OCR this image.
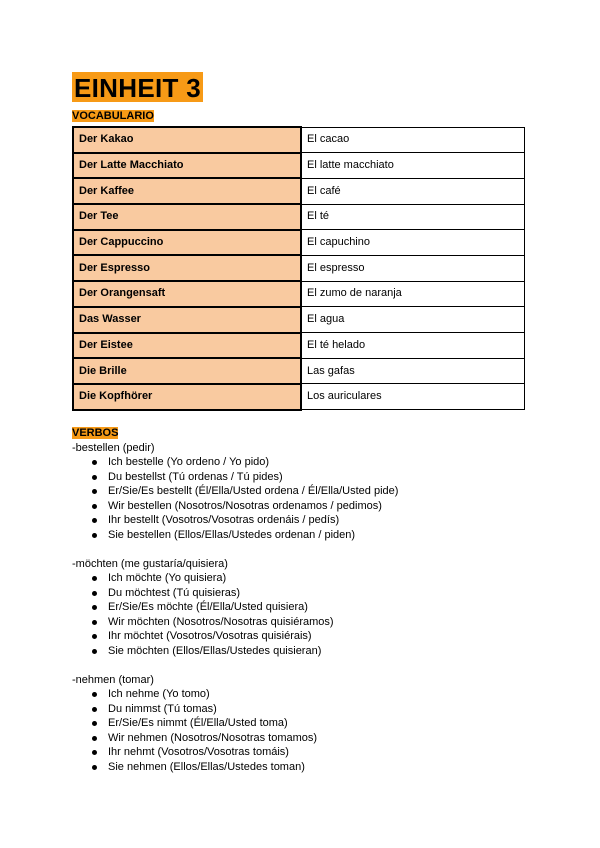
EINHEIT 3
VOCABULARIO
Der Kakao	El cacao
Der Latte Macchiato	El latte macchiato
Der Kaffee	El café
Der Tee	El té
Der Cappuccino	El capuchino
Der Espresso	El espresso
Der Orangensaft	El zumo de naranja
Das Wasser	El agua
Der Eistee	El té helado
Die Brille	Las gafas
Die Kopfhörer	Los auriculares
VERBOS

-bestellen (pedir)

Ich bestelle (Yo ordeno / Yo pido)
Du bestellst (Tú ordenas / Tú pides)
Er/Sie/Es bestellt (Él/Ella/Usted ordena / Él/Ella/Usted pide)
Wir bestellen (Nosotros/Nosotras ordenamos / pedimos)
Ihr bestellt (Vosotros/Vosotras ordenáis / pedís)
Sie bestellen (Ellos/Ellas/Ustedes ordenan / piden)

-möchten (me gustaría/quisiera)

Ich möchte (Yo quisiera)
Du möchtest (Tú quisieras)
Er/Sie/Es möchte (Él/Ella/Usted quisiera)
Wir möchten (Nosotros/Nosotras quisiéramos)
Ihr möchtet (Vosotros/Vosotras quisiérais)
Sie möchten (Ellos/Ellas/Ustedes quisieran)

-nehmen (tomar)

Ich nehme (Yo tomo)
Du nimmst (Tú tomas)
Er/Sie/Es nimmt (Él/Ella/Usted toma)
Wir nehmen (Nosotros/Nosotras tomamos)
Ihr nehmt (Vosotros/Vosotras tomáis)
Sie nehmen (Ellos/Ellas/Ustedes toman)
